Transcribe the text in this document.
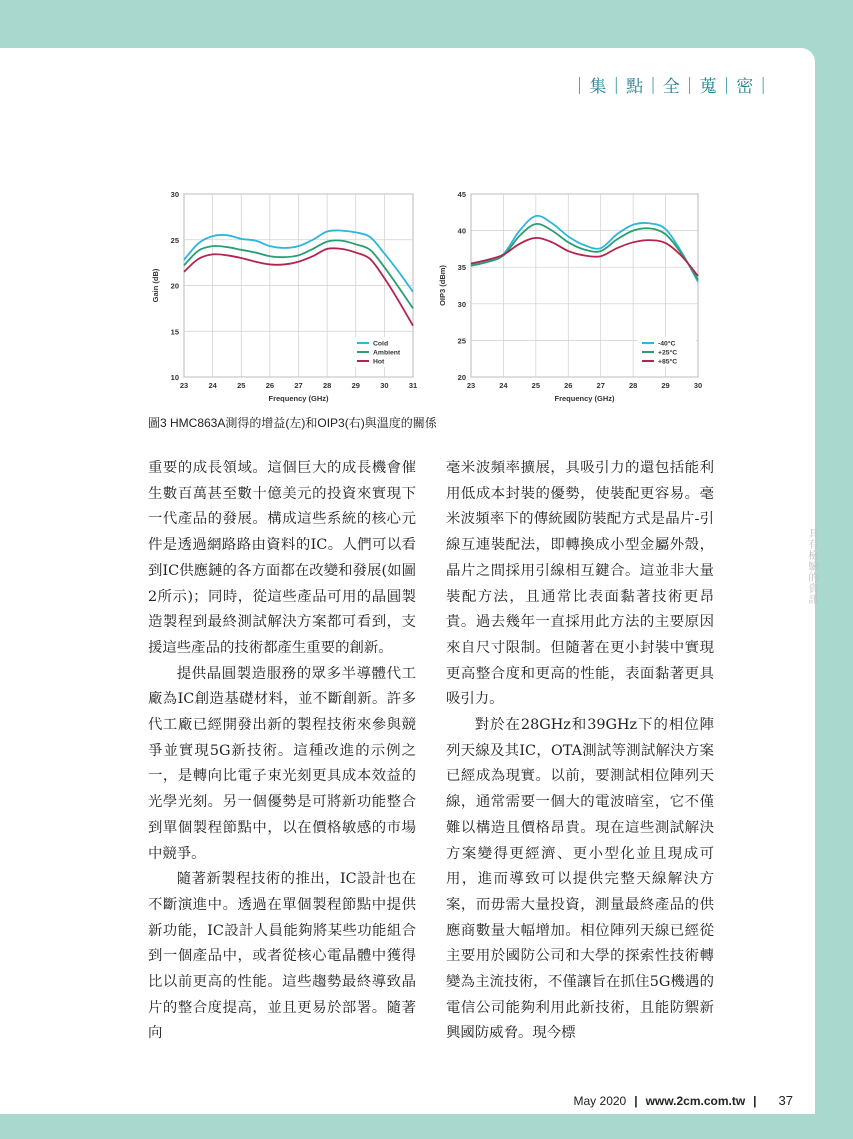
| 集 | 點 | 全 | 蒐 | 密 |
具有檢驗的資訊
23	24	25	26	27	28	29	30	31
10
15
20
25
30
Frequency (GHz)
Gain (dB)
Cold
Ambient
Hot
23	24	25	26	27	28	29	30
20
25
30
35
40
45
Frequency (GHz)
OIP3 (dBm)
-40°C
+25°C
+85°C
圖3 HMC863A測得的增益(左)和OIP3(右)與溫度的關係

重要的成長領域。這個巨大的成長機會催生數百萬甚至數十億美元的投資來實現下一代產品的發展。構成這些系統的核心元件是透過網路路由資料的IC。人們可以看到IC供應鏈的各方面都在改變和發展(如圖2所示)；同時，從這些產品可用的晶圓製造製程到最終測試解決方案都可看到，支援這些產品的技術都產生重要的創新。

提供晶圓製造服務的眾多半導體代工廠為IC創造基礎材料，並不斷創新。許多代工廠已經開發出新的製程技術來參與競爭並實現5G新技術。這種改進的示例之一，是轉向比電子束光刻更具成本效益的光學光刻。另一個優勢是可將新功能整合到單個製程節點中，以在價格敏感的市場中競爭。

隨著新製程技術的推出，IC設計也在不斷演進中。透過在單個製程節點中提供新功能，IC設計人員能夠將某些功能組合到一個產品中，或者從核心電晶體中獲得比以前更高的性能。這些趨勢最終導致晶片的整合度提高，並且更易於部署。隨著向

毫米波頻率擴展，具吸引力的還包括能利用低成本封裝的優勢，使裝配更容易。毫米波頻率下的傳統國防裝配方式是晶片-引線互連裝配法，即轉換成小型金屬外殼，晶片之間採用引線相互鍵合。這並非大量裝配方法，且通常比表面黏著技術更昂貴。過去幾年一直採用此方法的主要原因來自尺寸限制。但隨著在更小封裝中實現更高整合度和更高的性能，表面黏著更具吸引力。

對於在28GHz和39GHz下的相位陣列天線及其IC，OTA測試等測試解決方案已經成為現實。以前，要測試相位陣列天線，通常需要一個大的電波暗室，它不僅難以構造且價格昂貴。現在這些測試解決方案變得更經濟、更小型化並且現成可用，進而導致可以提供完整天線解決方案，而毋需大量投資，測量最終產品的供應商數量大幅增加。相位陣列天線已經從主要用於國防公司和大學的探索性技術轉變為主流技術，不僅讓旨在抓住5G機遇的電信公司能夠利用此新技術，且能防禦新興國防威脅。現今標

May 2020 | www.2cm.com.tw | 37
